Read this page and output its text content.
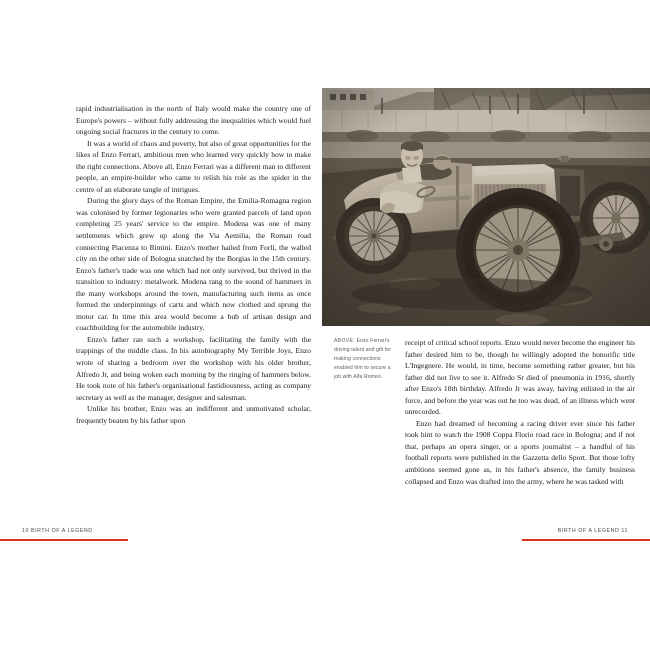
rapid industrialisation in the north of Italy would make the country one of Europe's powers – without fully addressing the inequalities which would fuel ongoing social fractures in the century to come.

It was a world of chaos and poverty, but also of great opportunities for the likes of Enzo Ferrari, ambitious men who learned very quickly how to make the right connections. Above all, Enzo Ferrari was a different man to different people, an empire-builder who came to relish his role as the spider in the centre of an elaborate tangle of intrigues.

During the glory days of the Roman Empire, the Emilia-Romagna region was colonised by former legionaries who were granted parcels of land upon completing 25 years' service to the empire. Modena was one of many settlements which grew up along the Via Aemilia, the Roman road connecting Piacenza to Rimini. Enzo's mother hailed from Forlì, the walled city on the other side of Bologna snatched by the Borgias in the 15th century. Enzo's father's trade was one which had not only survived, but thrived in the transition to industry: metalwork. Modena rang to the sound of hammers in the many workshops around the town, manufacturing such items as once formed the underpinnings of carts and which now clothed and sprung the motor car. In time this area would become a hub of artisan design and coachbuilding for the automobile industry.

Enzo's father ran such a workshop, facilitating the family with the trappings of the middle class. In his autobiography My Terrible Joys, Enzo wrote of sharing a bedroom over the workshop with his older brother, Alfredo Jr, and being woken each morning by the ringing of hammers below. He took note of his father's organisational fastidiousness, acting as company secretary as well as the manager, designer and salesman.

Unlike his brother, Enzo was an indifferent and unmotivated scholar, frequently beaten by his father upon

10 BIRTH OF A LEGEND
ABOVE: Enzo Ferrari's driving talent and gift for making connections enabled him to secure a job with Alfa Romeo.

receipt of critical school reports. Enzo would never become the engineer his father desired him to be, though he willingly adopted the honorific title L'Ingegnere. He would, in time, become something rather greater, but his father did not live to see it. Alfredo Sr died of pneumonia in 1916, shortly after Enzo's 18th birthday. Alfredo Jr was away, having enlisted in the air force, and before the year was out he too was dead, of an illness which went unrecorded.

Enzo had dreamed of becoming a racing driver ever since his father took him to watch the 1908 Coppa Florio road race in Bologna; and if not that, perhaps an opera singer, or a sports journalist – a handful of his football reports were published in the Gazzetta dello Sport. But those lofty ambitions seemed gone as, in his father's absence, the family business collapsed and Enzo was drafted into the army, where he was tasked with

BIRTH OF A LEGEND 11
